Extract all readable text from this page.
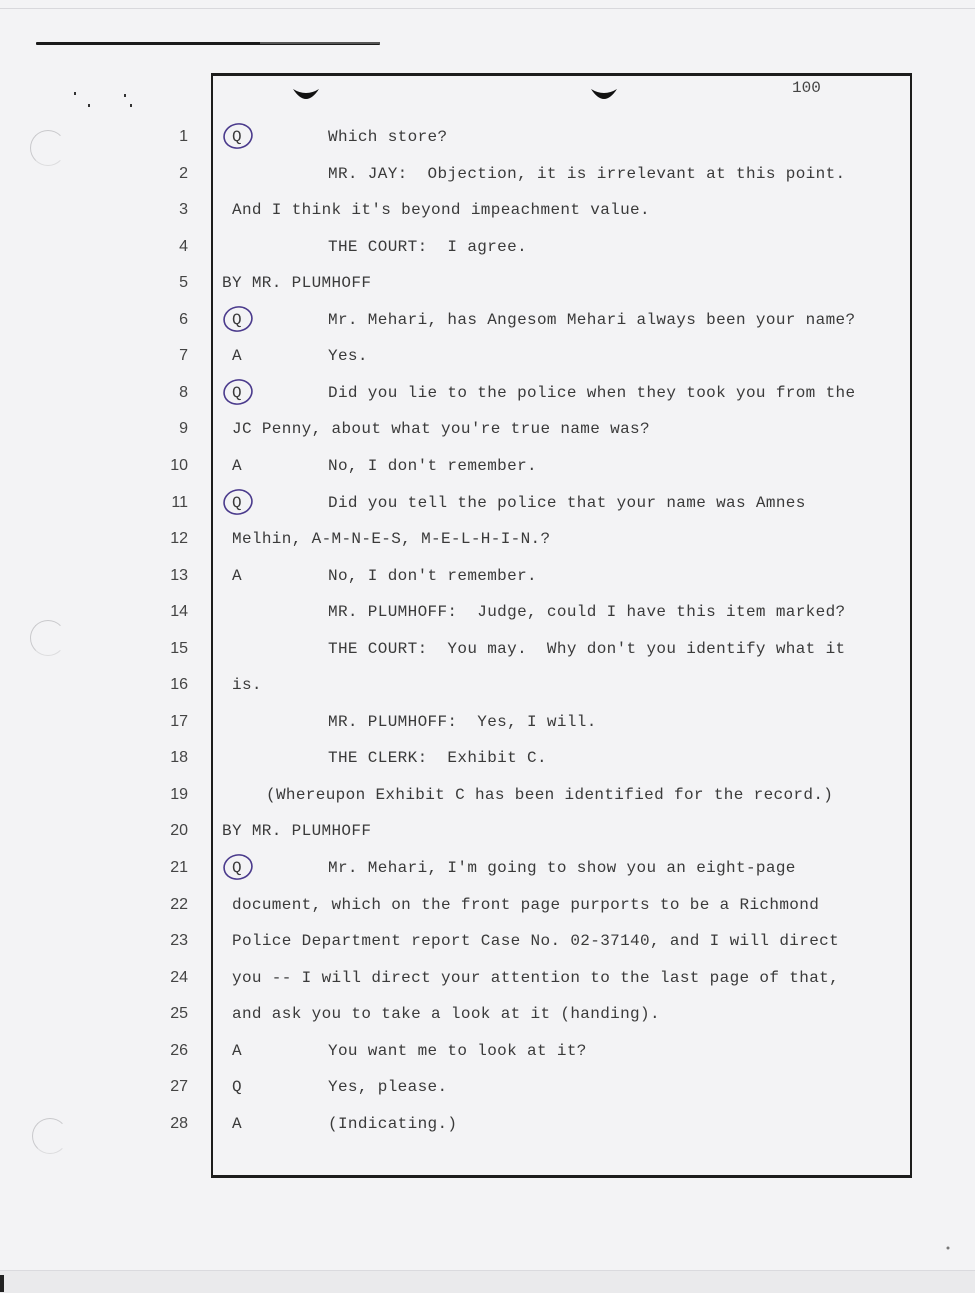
100
1	Q	Which store?
2	MR. JAY:  Objection, it is irrelevant at this point.
3	And I think it's beyond impeachment value.
4	THE COURT:  I agree.
5 BY MR. PLUMHOFF
6	Q	Mr. Mehari, has Angesom Mehari always been your name?
7	A	Yes.
8	Q	Did you lie to the police when they took you from the
9	JC Penny, about what you're true name was?
10	A	No, I don't remember.
11	Q	Did you tell the police that your name was Amnes
12	Melhin, A-M-N-E-S, M-E-L-H-I-N.?
13	A	No, I don't remember.
14	MR. PLUMHOFF:  Judge, could I have this item marked?
15	THE COURT:  You may.  Why don't you identify what it
16	is.
17	MR. PLUMHOFF:  Yes, I will.
18	THE CLERK:  Exhibit C.
19	(Whereupon Exhibit C has been identified for the record.)
20 BY MR. PLUMHOFF
21	Q	Mr. Mehari, I'm going to show you an eight-page
22	document, which on the front page purports to be a Richmond
23	Police Department report Case No. 02-37140, and I will direct
24	you -- I will direct your attention to the last page of that,
25	and ask you to take a look at it (handing).
26	A	You want me to look at it?
27	Q	Yes, please.
28	A	(Indicating.)
